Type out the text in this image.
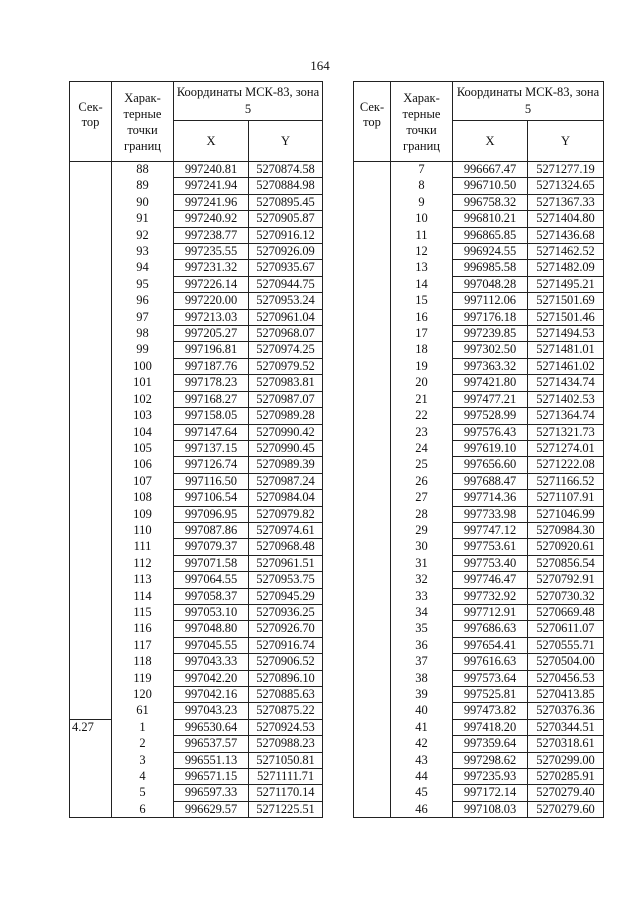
164
Сек-тор	Харак-терные точки границ	Координаты МСК-83, зона 5	
		X	Y

	88	997240.81	5270874.58
	89	997241.94	5270884.98
	90	997241.96	5270895.45
	91	997240.92	5270905.87
	92	997238.77	5270916.12
	93	997235.55	5270926.09
	94	997231.32	5270935.67
	95	997226.14	5270944.75
	96	997220.00	5270953.24
	97	997213.03	5270961.04
	98	997205.27	5270968.07
	99	997196.81	5270974.25
	100	997187.76	5270979.52
	101	997178.23	5270983.81
	102	997168.27	5270987.07
	103	997158.05	5270989.28
	104	997147.64	5270990.42
	105	997137.15	5270990.45
	106	997126.74	5270989.39
	107	997116.50	5270987.24
	108	997106.54	5270984.04
	109	997096.95	5270979.82
	110	997087.86	5270974.61
	111	997079.37	5270968.48
	112	997071.58	5270961.51
	113	997064.55	5270953.75
	114	997058.37	5270945.29
	115	997053.10	5270936.25
	116	997048.80	5270926.70
	117	997045.55	5270916.74
	118	997043.33	5270906.52
	119	997042.20	5270896.10
	120	997042.16	5270885.63
	61	997043.23	5270875.22
4.27	1	996530.64	5270924.53
	2	996537.57	5270988.23
	3	996551.13	5271050.81
	4	996571.15	5271111.71
	5	996597.33	5271170.14
	6	996629.57	5271225.51
Сек-тор	Харак-терные точки границ	Координаты МСК-83, зона 5	
		X	Y

	7	996667.47	5271277.19
	8	996710.50	5271324.65
	9	996758.32	5271367.33
	10	996810.21	5271404.80
	11	996865.85	5271436.68
	12	996924.55	5271462.52
	13	996985.58	5271482.09
	14	997048.28	5271495.21
	15	997112.06	5271501.69
	16	997176.18	5271501.46
	17	997239.85	5271494.53
	18	997302.50	5271481.01
	19	997363.32	5271461.02
	20	997421.80	5271434.74
	21	997477.21	5271402.53
	22	997528.99	5271364.74
	23	997576.43	5271321.73
	24	997619.10	5271274.01
	25	997656.60	5271222.08
	26	997688.47	5271166.52
	27	997714.36	5271107.91
	28	997733.98	5271046.99
	29	997747.12	5270984.30
	30	997753.61	5270920.61
	31	997753.40	5270856.54
	32	997746.47	5270792.91
	33	997732.92	5270730.32
	34	997712.91	5270669.48
	35	997686.63	5270611.07
	36	997654.41	5270555.71
	37	997616.63	5270504.00
	38	997573.64	5270456.53
	39	997525.81	5270413.85
	40	997473.82	5270376.36
	41	997418.20	5270344.51
	42	997359.64	5270318.61
	43	997298.62	5270299.00
	44	997235.93	5270285.91
	45	997172.14	5270279.40
	46	997108.03	5270279.60
